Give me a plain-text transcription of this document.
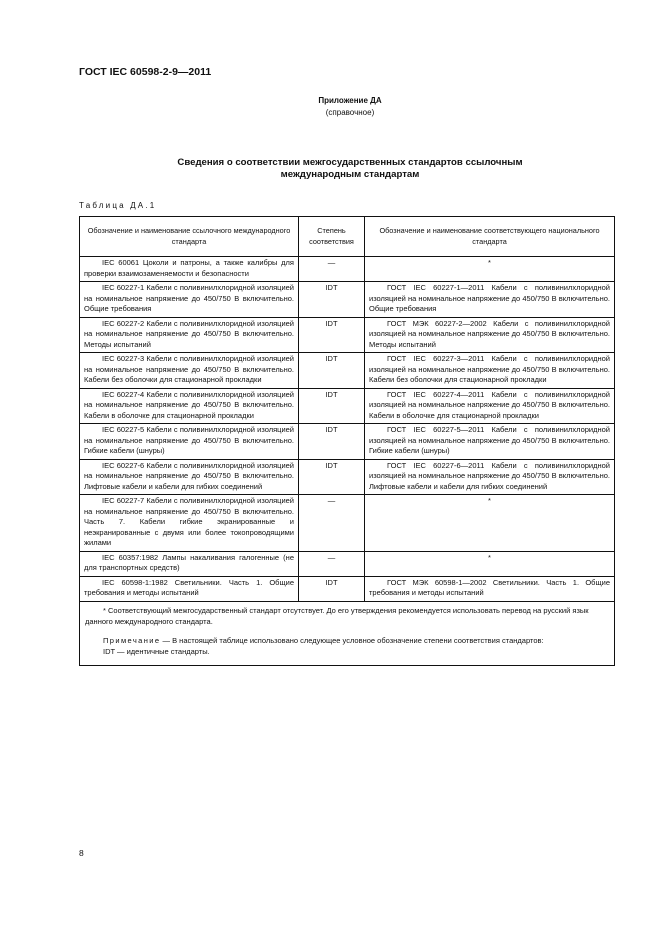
ГОСТ IEC 60598-2-9—2011
Приложение ДА
(справочное)
Сведения о соответствии межгосударственных стандартов ссылочным
международным стандартам
Таблица ДА.1
Обозначение и наименование ссылочного международного стандарта	Степень соответствия	Обозначение и наименование соответствующего национального стандарта

IEC 60061 Цоколи и патроны, а также калибры для проверки взаимозаменяемости и безопасности	—	*

IEC 60227-1 Кабели с поливинилхлоридной изоляцией на номинальное напряжение до 450/750 В включительно. Общие требования	IDT	ГОСТ IEC 60227-1—2011 Кабели с поливинилхлоридной изоляцией на номинальное напряжение до 450/750 В включительно. Общие требования

IEC 60227-2 Кабели с поливинилхлоридной изоляцией на номинальное напряжение до 450/750 В включительно. Методы испытаний	IDT	ГОСТ МЭК 60227-2—2002 Кабели с поливинилхлоридной изоляцией на номинальное напряжение до 450/750 В включительно. Методы испытаний

IEC 60227-3 Кабели с поливинилхлоридной изоляцией на номинальное напряжение до 450/750 В включительно. Кабели без оболочки для стационарной прокладки	IDT	ГОСТ IEC 60227-3—2011 Кабели с поливинилхлоридной изоляцией на номинальное напряжение до 450/750 В включительно. Кабели без оболочки для стационарной прокладки

IEC 60227-4 Кабели с поливинилхлоридной изоляцией на номинальное напряжение до 450/750 В включительно. Кабели в оболочке для стационарной прокладки	IDT	ГОСТ IEC 60227-4—2011 Кабели с поливинилхлоридной изоляцией на номинальное напряжение до 450/750 В включительно. Кабели в оболочке для стационарной прокладки

IEC 60227-5 Кабели с поливинилхлоридной изоляцией на номинальное напряжение до 450/750 В включительно. Гибкие кабели (шнуры)	IDT	ГОСТ IEC 60227-5—2011 Кабели с поливинилхлоридной изоляцией на номинальное напряжение до 450/750 В включительно. Гибкие кабели (шнуры)

IEC 60227-6 Кабели с поливинилхлоридной изоляцией на номинальное напряжение до 450/750 В включительно. Лифтовые кабели и кабели для гибких соединений	IDT	ГОСТ IEC 60227-6—2011 Кабели с поливинилхлоридной изоляцией на номинальное напряжение до 450/750 В включительно. Лифтовые кабели и кабели для гибких соединений

IEC 60227-7 Кабели с поливинилхлоридной изоляцией на номинальное напряжение до 450/750 В включительно. Часть 7. Кабели гибкие экранированные и неэкранированные с двумя или более токопроводящими жилами	—	*

IEC 60357:1982 Лампы накаливания галогенные (не для транспортных средств)	—	*

IEC 60598-1:1982 Светильники. Часть 1. Общие требования и методы испытаний	IDT	ГОСТ МЭК 60598-1—2002 Светильники. Часть 1. Общие требования и методы испытаний

* Соответствующий межгосударственный стандарт отсутствует. До его утверждения рекомендуется использовать перевод на русский язык данного международного стандарта.

Примечание — В настоящей таблице использовано следующее условное обозначение степени соответствия стандартов:

IDT — идентичные стандарты.		

8
